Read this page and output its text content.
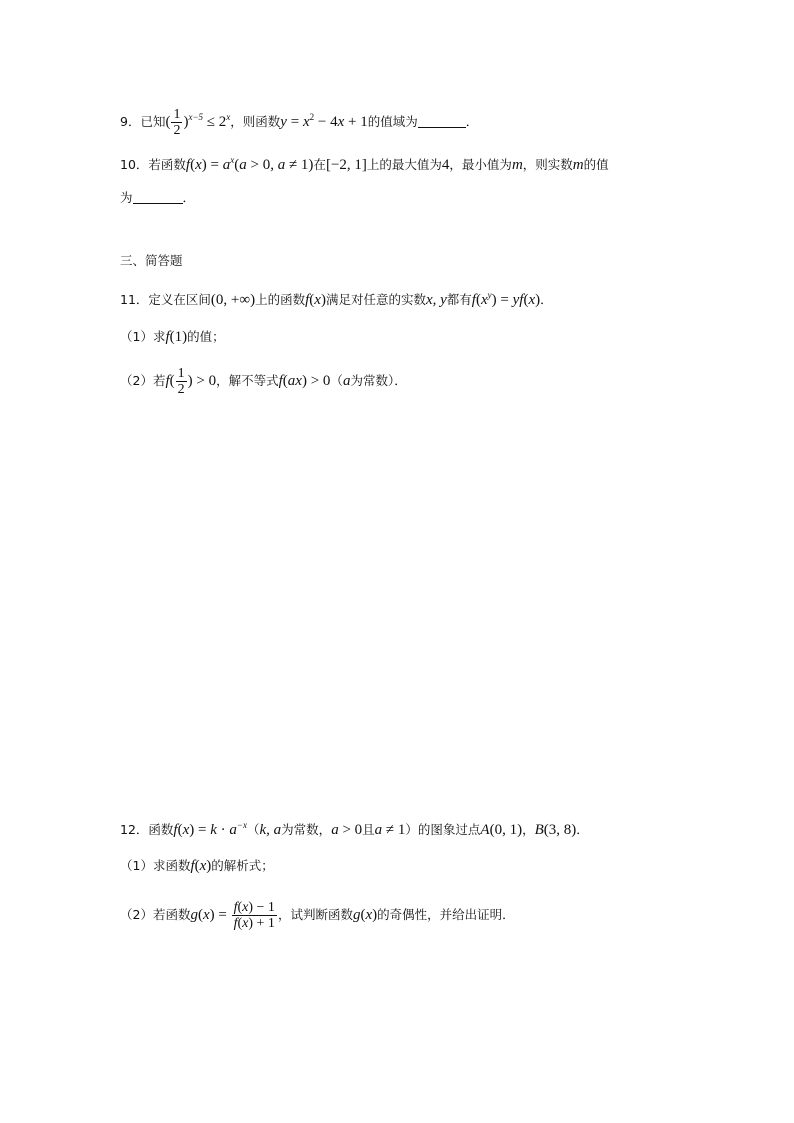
9．已知( $\frac{1}{2} )^{x-5} \le 2^x$，则函数$y = x^2 - 4x + 1$的值域为	．
10．若函数$f(x) = a^x(a > 0$, a ≠ 1)在[−2, 1]上的最大值为4，最小值为m，则实数m的值
为	．
三、简答题
11．定义在区间(0, +∞)上的函数f(x)满足对任意的实数x, y都有$f(x^y) = yf(x)$．
（1）求f(1)的值；
（2）若$f( \frac{1}{2}$ ) > 0，解不等式f(ax) > 0（a为常数）．
12．函数$f(x) = k \cdot a^{-x}(k$, a为常数，a > 0且a ≠ 1）的图象过点A(0, 1)，B(3, 8)．
（1）求函数f(x)的解析式；
（2）若函数$g(x) = \frac{f(x) - 1}{f(x) + 1}$ ，试判断函数g(x)的奇偶性，并给出证明．
